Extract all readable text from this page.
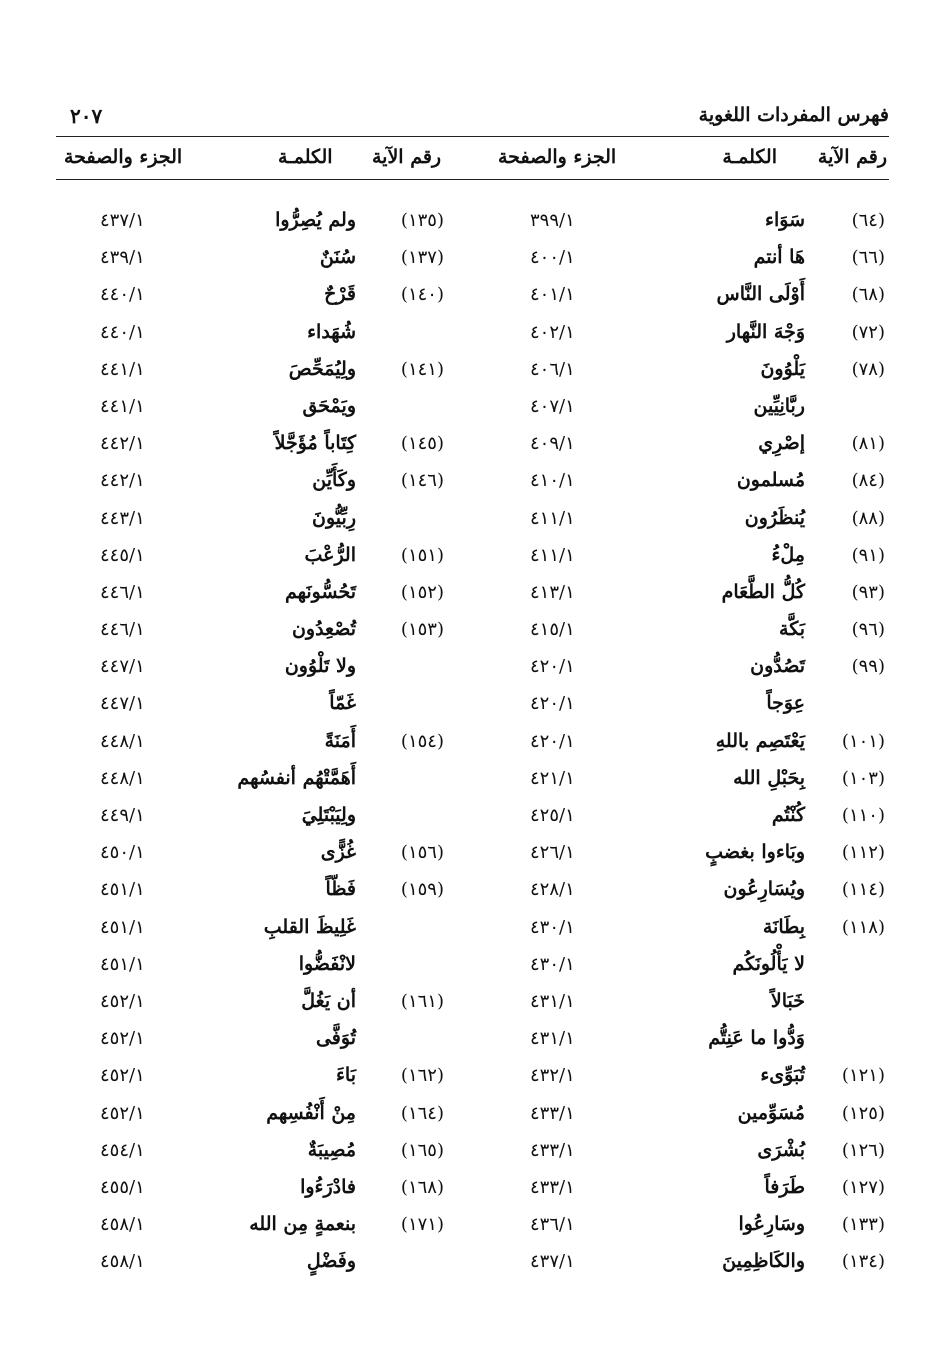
فهرس المفردات اللغوية
٢٠٧
رقم الآية
الكلمـة
الجزء والصفحة
رقم الآية
الكلمـة
الجزء والصفحة
(٦٤)
سَوَاء
٣٩٩/١
(١٣٥)
ولم يُصِرُّوا
٤٣٧/١
(٦٦)
هَا أنتم
٤٠٠/١
(١٣٧)
سُنَنٌ
٤٣٩/١
(٦٨)
أَوْلَى النَّاس
٤٠١/١
(١٤٠)
قَرْحٌ
٤٤٠/١
(٧٢)
وَجْهَ النَّهار
٤٠٢/١
شُهَداء
٤٤٠/١
(٧٨)
يَلْوُونَ
٤٠٦/١
(١٤١)
ولِيُمَحِّصَ
٤٤١/١
ربَّانِيِّين
٤٠٧/١
ويَمْحَق
٤٤١/١
(٨١)
إصْرِي
٤٠٩/١
(١٤٥)
كِتَاباً مُؤَجَّلاً
٤٤٢/١
(٨٤)
مُسلمون
٤١٠/١
(١٤٦)
وكَأَيِّن
٤٤٢/١
(٨٨)
يُنظَرُون
٤١١/١
رِبِّيُّونَ
٤٤٣/١
(٩١)
مِلْءُ
٤١١/١
(١٥١)
الرُّعْبَ
٤٤٥/١
(٩٣)
كُلُّ الطَّعَام
٤١٣/١
(١٥٢)
تَحُسُّونَهم
٤٤٦/١
(٩٦)
بَكَّة
٤١٥/١
(١٥٣)
تُصْعِدُون
٤٤٦/١
(٩٩)
تَصُدُّون
٤٢٠/١
ولا تَلْوُون
٤٤٧/١
عِوَجاً
٤٢٠/١
غَمّاً
٤٤٧/١
(١٠١)
يَعْتَصِم باللهِ
٤٢٠/١
(١٥٤)
أَمَنَةً
٤٤٨/١
(١٠٣)
بِحَبْلِ الله
٤٢١/١
أَهَمَّتْهُم أنفسُهم
٤٤٨/١
(١١٠)
كُنْتُم
٤٢٥/١
ولِيَبْتَلِيَ
٤٤٩/١
(١١٢)
وبَاءوا بغضبٍ
٤٢٦/١
(١٥٦)
غُزًّى
٤٥٠/١
(١١٤)
ويُسَارِعُون
٤٢٨/١
(١٥٩)
فَظّاً
٤٥١/١
(١١٨)
بِطَانَة
٤٣٠/١
غَلِيظَ القلبِ
٤٥١/١
لا يَأْلُونَكُم
٤٣٠/١
لانْفَضُّوا
٤٥١/١
خَبَالاً
٤٣١/١
(١٦١)
أن يَغُلَّ
٤٥٢/١
وَدُّوا ما عَنِتُّم
٤٣١/١
تُوَفَّى
٤٥٢/١
(١٢١)
تُبَوِّىء
٤٣٢/١
(١٦٢)
بَاءَ
٤٥٢/١
(١٢٥)
مُسَوِّمين
٤٣٣/١
(١٦٤)
مِنْ أَنْفُسِهم
٤٥٢/١
(١٢٦)
بُشْرَى
٤٣٣/١
(١٦٥)
مُصِيبَةٌ
٤٥٤/١
(١٢٧)
طَرَفاً
٤٣٣/١
(١٦٨)
فادْرَءُوا
٤٥٥/١
(١٣٣)
وسَارِعُوا
٤٣٦/١
(١٧١)
بنعمةٍ مِن الله
٤٥٨/١
(١٣٤)
والكَاظِمِينَ
٤٣٧/١
وفَضْلٍ
٤٥٨/١
